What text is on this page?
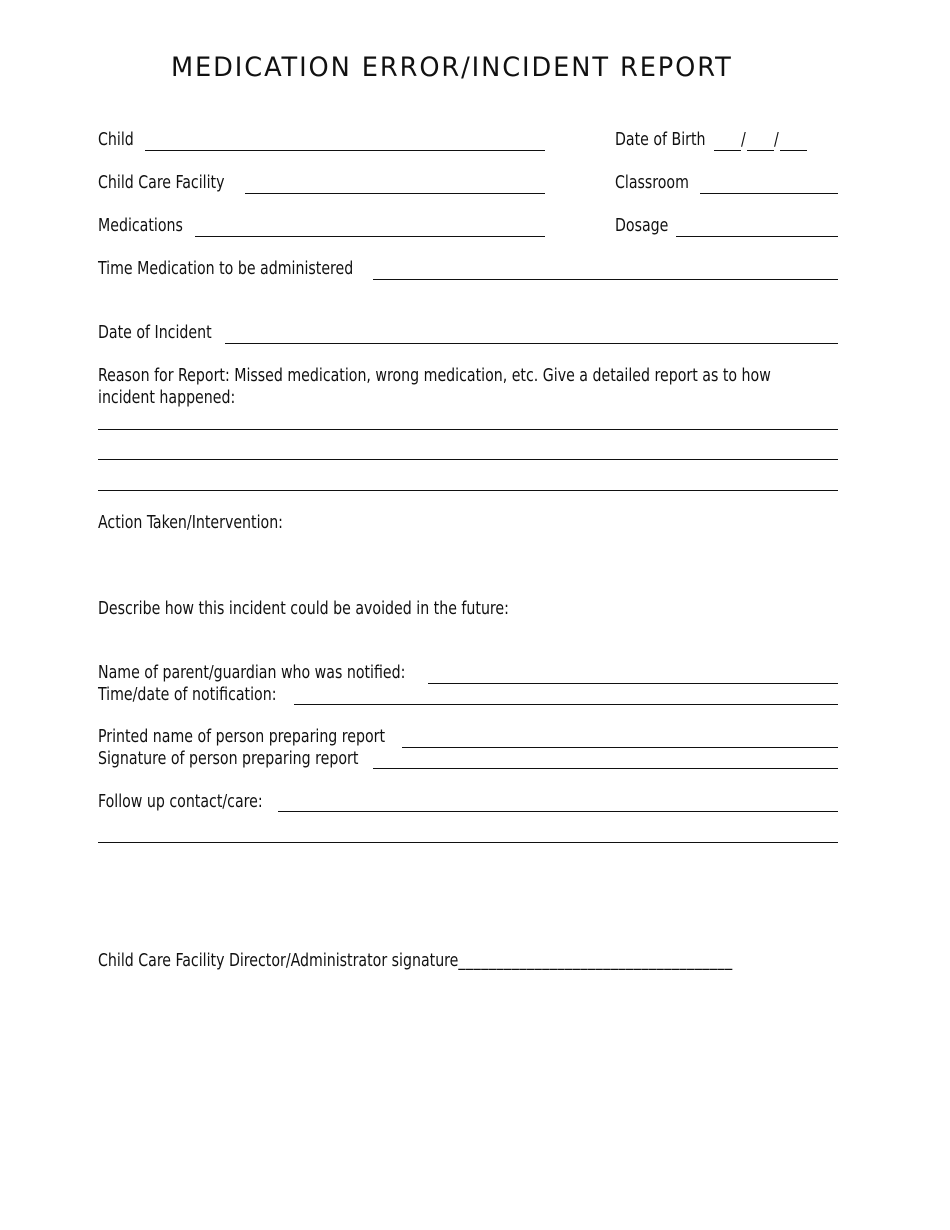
MEDICATION ERROR/INCIDENT REPORT
Child	Date of Birth / /
Child Care Facility	Classroom
Medications	Dosage
Time Medication to be administered
Date of Incident
Reason for Report: Missed medication, wrong medication, etc. Give a detailed report as to how
incident happened:
Action Taken/Intervention:
Describe how this incident could be avoided in the future:
Name of parent/guardian who was notified:
Time/date of notification:
Printed name of person preparing report
Signature of person preparing report
Follow up contact/care:
Child Care Facility Director/Administrator signature____________________________________
